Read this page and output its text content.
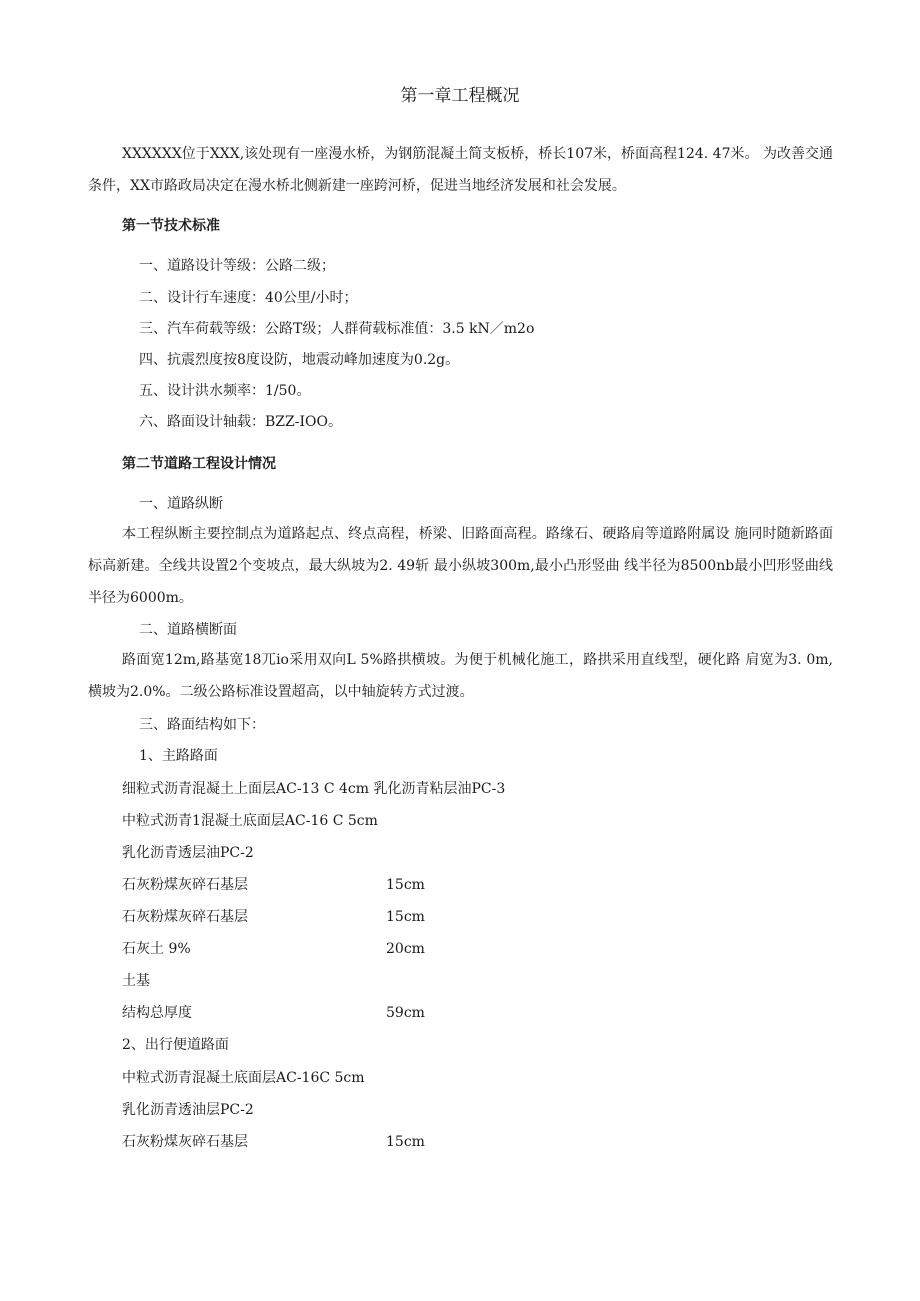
第一章工程概况

XXXXXX位于XXX,该处现有一座漫水桥，为钢筋混凝土简支板桥，桥长107米，桥面高程124. 47米。 为改善交通条件，XX市路政局决定在漫水桥北侧新建一座跨河桥，促进当地经济发展和社会发展。

第一节技术标准
一、道路设计等级：公路二级；
二、设计行车速度：40公里/小时；
三、汽车荷载等级：公路T级；人群荷载标准值：3.5 kN／m2o
四、抗震烈度按8度设防，地震动峰加速度为0.2g。
五、设计洪水频率：1/50。
六、路面设计轴载：BZZ-IOO。
第二节道路工程设计情况
一、道路纵断

本工程纵断主要控制点为道路起点、终点高程，桥梁、旧路面高程。路缘石、硬路肩等道路附属设 施同时随新路面标高新建。全线共设置2个变坡点，最大纵坡为2. 49斩 最小纵坡300m,最小凸形竖曲 线半径为8500nb最小凹形竖曲线半径为6000m。

二、道路横断面

路面宽12m,路基宽18ㄫio采用双向L 5%路拱横坡。为便于机械化施工，路拱采用直线型，硬化路 肩宽为3. 0m,横坡为2.0%。二级公路标准设置超高，以中轴旋转方式过渡。

三、路面结构如下：
1、主路路面
细粒式沥青混凝土上面层AC-13 C 4cm 乳化沥青粘层油PC-3
中粒式沥青1混凝土底面层AC-16 C 5cm
乳化沥青透层油PC-2
石灰粉煤灰碎石基层	15cm
石灰粉煤灰碎石基层	15cm
石灰土 9%	20cm
土基
结构总厚度	59cm
2、出行便道路面
中粒式沥青混凝土底面层AC-16C 5cm
乳化沥青透油层PC-2
石灰粉煤灰碎石基层	15cm
